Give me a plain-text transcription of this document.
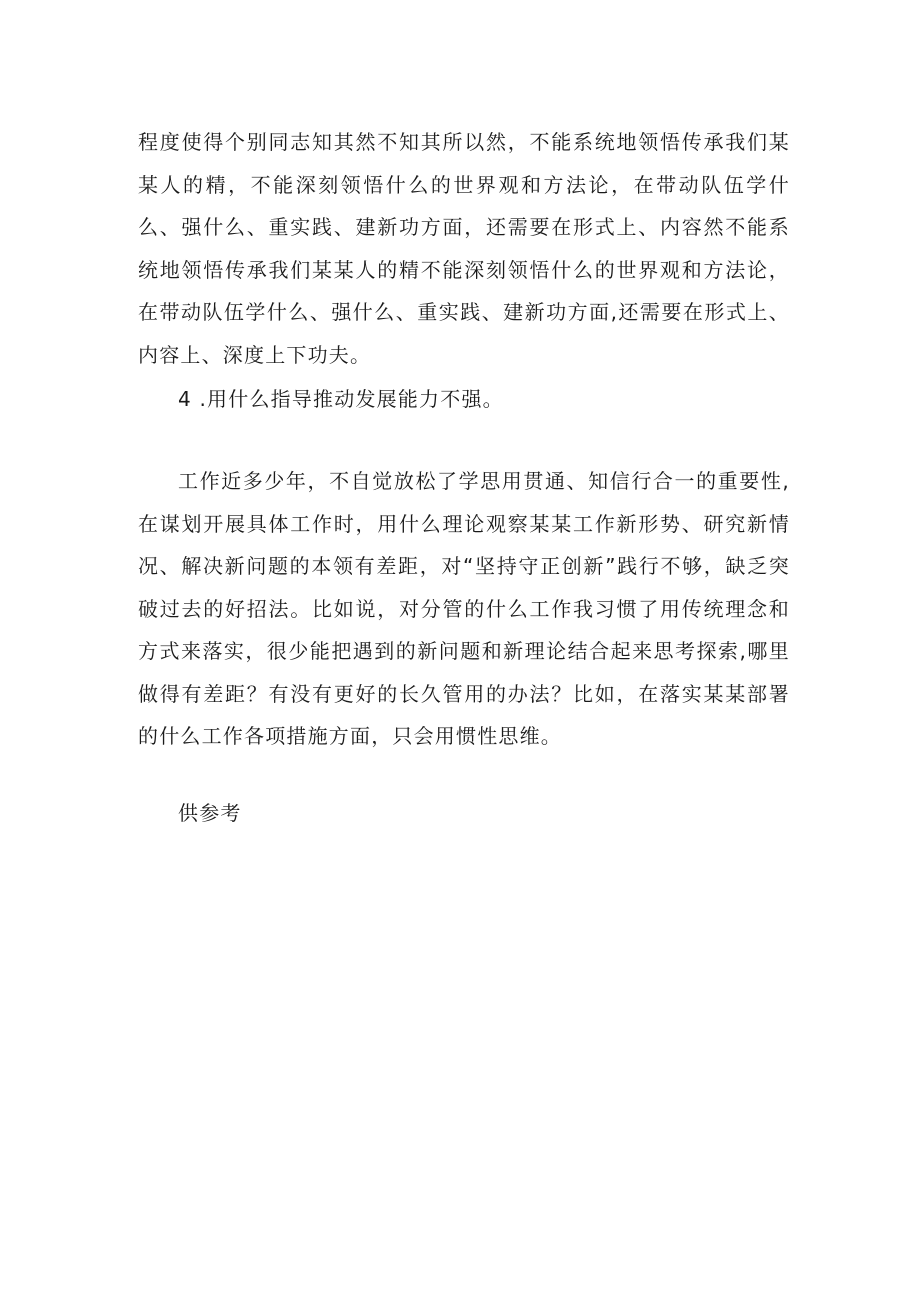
程度使得个别同志知其然不知其所以然，不能系统地领悟传承我们某某人的精，不能深刻领悟什么的世界观和方法论，在带动队伍学什么、强什么、重实践、建新功方面，还需要在形式上、内容然不能系统地领悟传承我们某某人的精不能深刻领悟什么的世界观和方法论，在带动队伍学什么、强什么、重实践、建新功方面,还需要在形式上、内容上、深度上下功夫。

4 .用什么指导推动发展能力不强。

工作近多少年，不自觉放松了学思用贯通、知信行合一的重要性,在谋划开展具体工作时，用什么理论观察某某工作新形势、研究新情况、解决新问题的本领有差距，对“坚持守正创新”践行不够，缺乏突破过去的好招法。比如说，对分管的什么工作我习惯了用传统理念和方式来落实，很少能把遇到的新问题和新理论结合起来思考探索,哪里做得有差距？有没有更好的长久管用的办法？比如，在落实某某部署的什么工作各项措施方面，只会用惯性思维。

供参考
